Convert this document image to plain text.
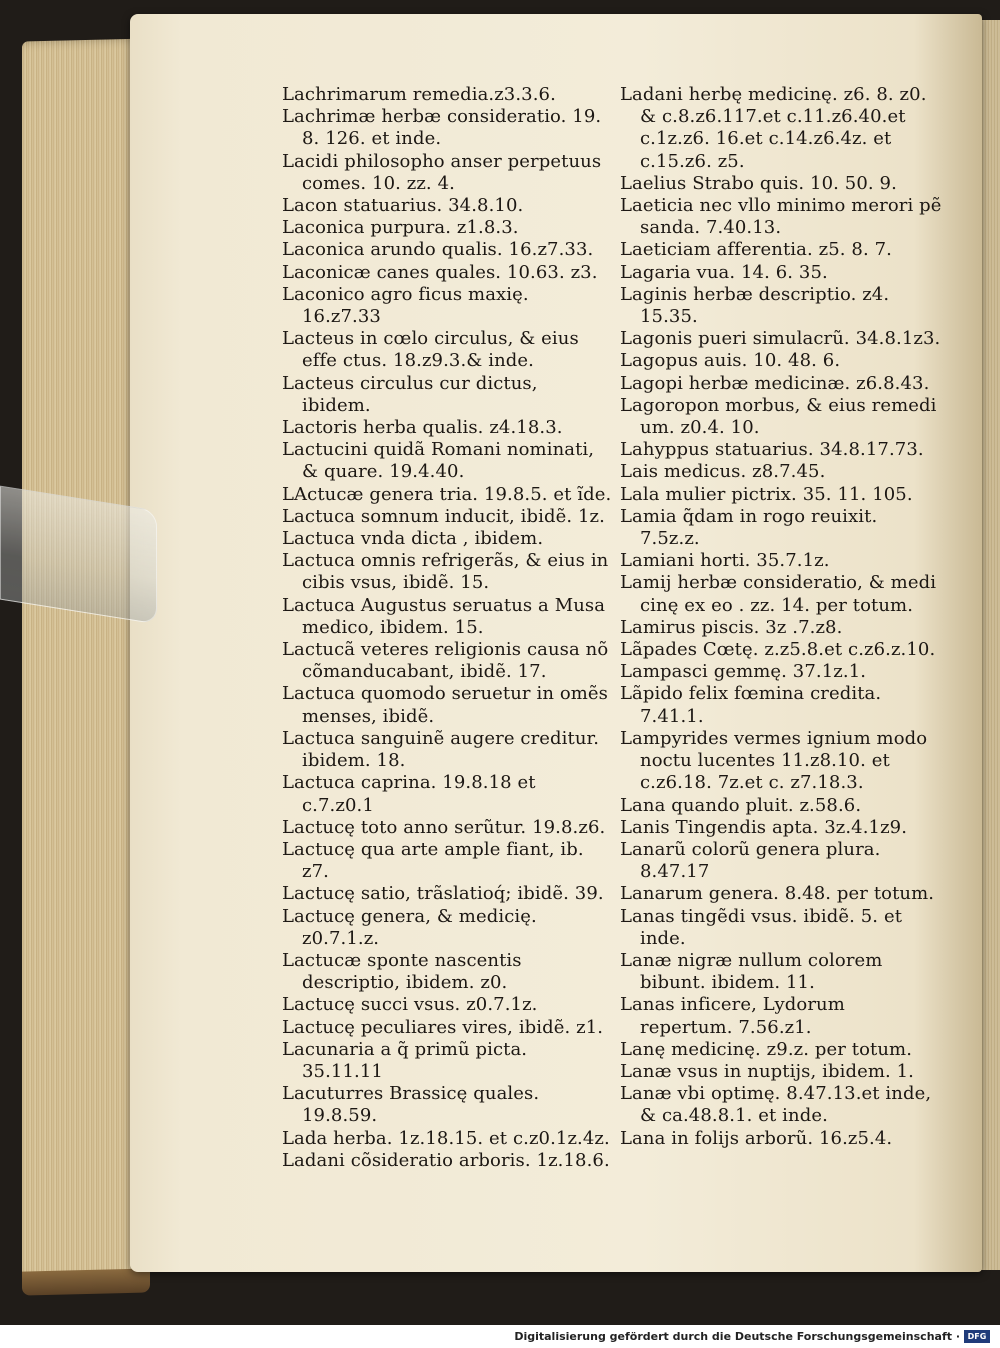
Lachrimarum remedia.z3.3.6.

Lachrimæ herbæ consideratio. 19. 8. 126. et inde.

Lacidi philosopho anser perpetuus comes. 10. zz. 4.

Lacon statuarius. 34.8.10.

Laconica purpura. z1.8.3.

Laconica arundo qualis. 16.z7.33.

Laconicæ canes quales. 10.63. z3.

Laconico agro ficus maxię. 16.z7.33

Lacteus in cœlo circulus, & eius effe ctus. 18.z9.3.& inde.

Lacteus circulus cur dictus, ibidem.

Lactoris herba qualis. z4.18.3.

Lactucini quidã Romani nominati, & quare. 19.4.40.

LActucæ genera tria. 19.8.5. et ĩde.

Lactuca somnum inducit, ibidẽ. 1z.

Lactuca vnda dicta , ibidem.

Lactuca omnis refrigerãs, & eius in cibis vsus, ibidẽ. 15.

Lactuca Augustus seruatus a Musa medico, ibidem. 15.

Lactucã veteres religionis causa nõ cõmanducabant, ibidẽ. 17.

Lactuca quomodo seruetur in omẽs menses, ibidẽ.

Lactuca sanguinẽ augere creditur. ibidem. 18.

Lactuca caprina. 19.8.18 et c.7.z0.1

Lactucę toto anno serũtur. 19.8.z6.

Lactucę qua arte ample fiant, ib. z7.

Lactucę satio, trãslatioq́; ibidẽ. 39.

Lactucę genera, & medicię. z0.7.1.z.

Lactucæ sponte nascentis descriptio, ibidem. z0.

Lactucę succi vsus. z0.7.1z.

Lactucę peculiares vires, ibidẽ. z1.

Lacunaria a q̃ primũ picta. 35.11.11

Lacuturres Brassicę quales. 19.8.59.

Lada herba. 1z.18.15. et c.z0.1z.4z.

Ladani cõsideratio arboris. 1z.18.6.

Ladani herbę medicinę. z6. 8. z0. & c.8.z6.117.et c.11.z6.40.et c.1z.z6. 16.et c.14.z6.4z. et c.15.z6. z5.

Laelius Strabo quis. 10. 50. 9.

Laeticia nec vllo minimo merori pẽ sanda. 7.40.13.

Laeticiam afferentia. z5. 8. 7.

Lagaria vua. 14. 6. 35.

Laginis herbæ descriptio. z4. 15.35.

Lagonis pueri simulacrũ. 34.8.1z3.

Lagopus auis. 10. 48. 6.

Lagopi herbæ medicinæ. z6.8.43.

Lagoropon morbus, & eius remedi um. z0.4. 10.

Lahyppus statuarius. 34.8.17.73.

Lais medicus. z8.7.45.

Lala mulier pictrix. 35. 11. 105.

Lamia q̃dam in rogo reuixit. 7.5z.z.

Lamiani horti. 35.7.1z.

Lamij herbæ consideratio, & medi cinę ex eo . zz. 14. per totum.

Lamirus piscis. 3z .7.z8.

Lãpades Cœtę. z.z5.8.et c.z6.z.10.

Lampasci gemmę. 37.1z.1.

Lãpido felix fœmina credita. 7.41.1.

Lampyrides vermes ignium modo noctu lucentes 11.z8.10. et c.z6.18. 7z.et c. z7.18.3.

Lana quando pluit. z.58.6.

Lanis Tingendis apta. 3z.4.1z9.

Lanarũ colorũ genera plura. 8.47.17

Lanarum genera. 8.48. per totum.

Lanas tingẽdi vsus. ibidẽ. 5. et inde.

Lanæ nigræ nullum colorem bibunt. ibidem. 11.

Lanas inficere, Lydorum repertum. 7.56.z1.

Lanę medicinę. z9.z. per totum.

Lanæ vsus in nuptijs, ibidem. 1.

Lanæ vbi optimę. 8.47.13.et inde, & ca.48.8.1. et inde.

Lana in folijs arborũ. 16.z5.4.

Digitalisierung gefördert durch die Deutsche Forschungsgemeinschaft · DFG
